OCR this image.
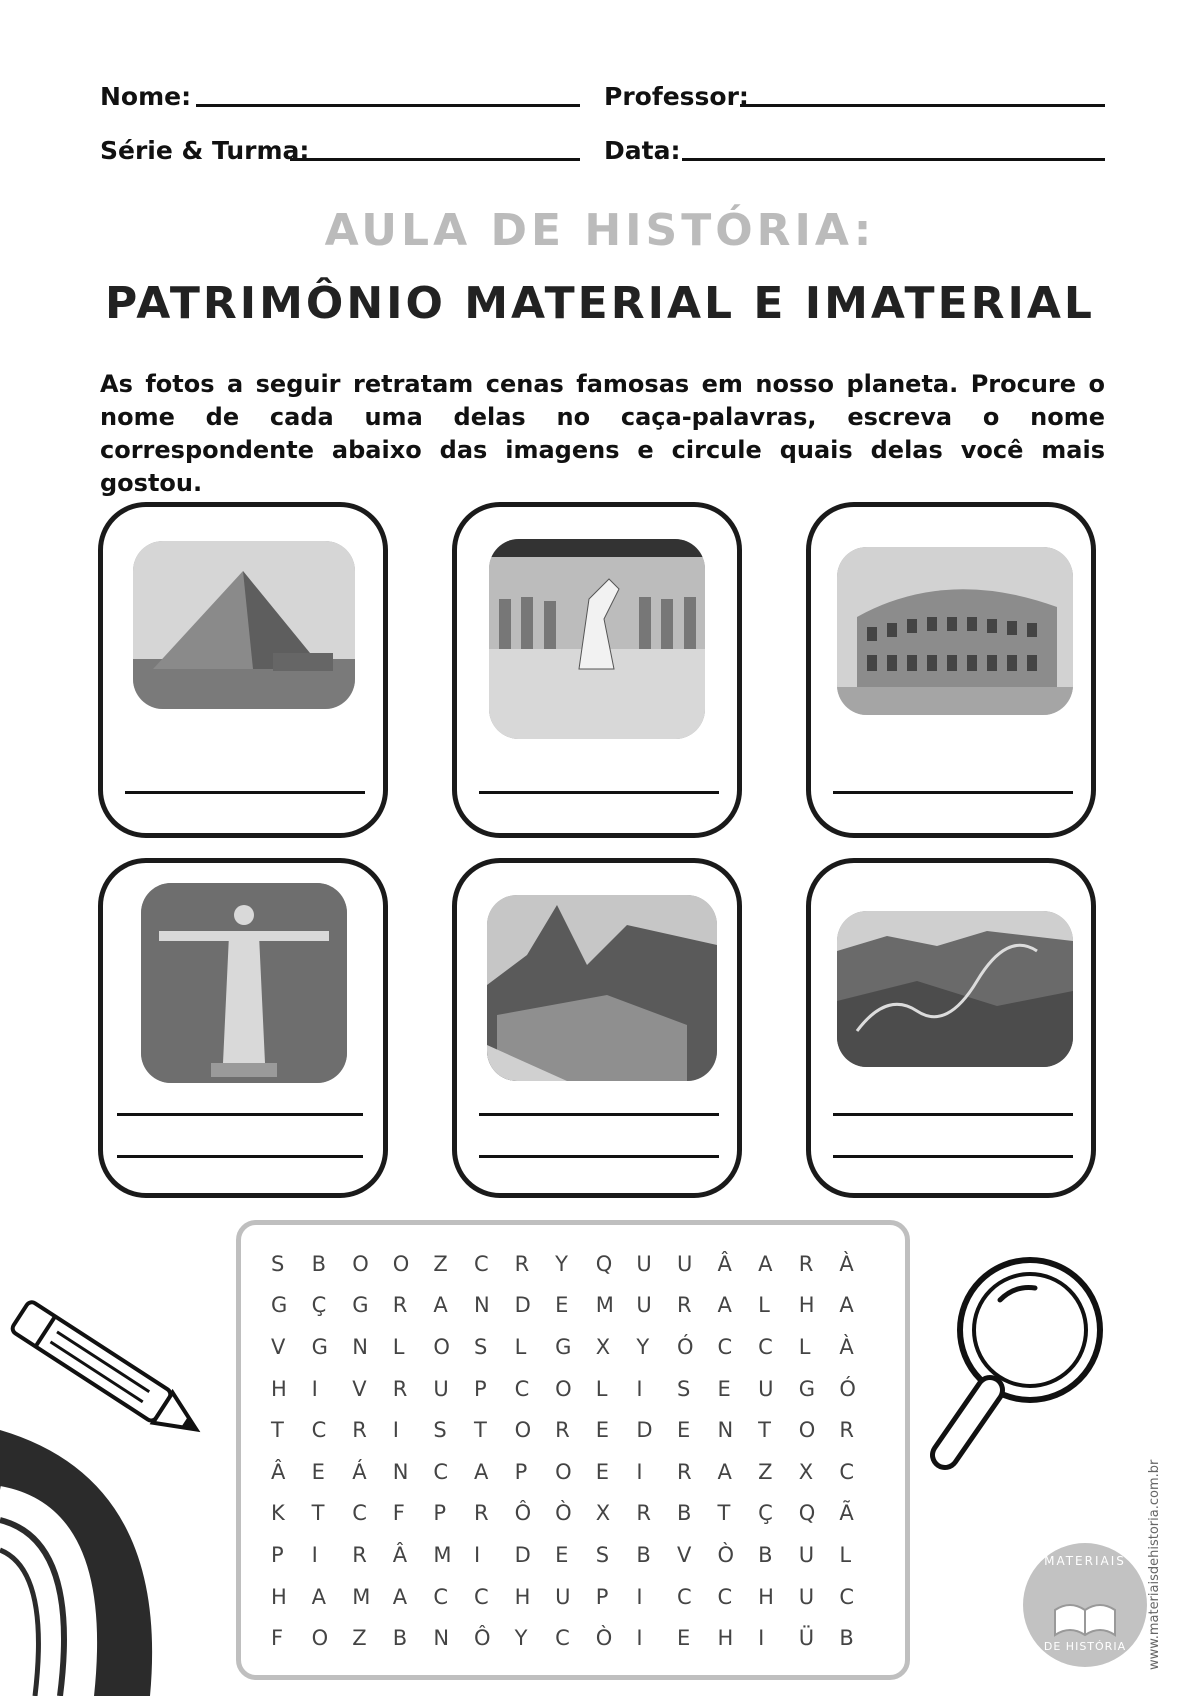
Nome:	Professor:
Série & Turma:	Data:
AULA DE HISTÓRIA:
PATRIMÔNIO MATERIAL E IMATERIAL
As fotos a seguir retratam cenas famosas em nosso planeta. Procure o nome de cada uma delas no caça-palavras, escreva o nome correspondente abaixo das imagens e circule quais delas você mais gostou.
S	B	O	O	Z	C	R	Y	Q	U	U	Â	A	R	À
G	Ç	G	R	A	N	D	E	M	U	R	A	L	H	A
V	G	N	L	O	S	L	G	X	Y	Ó	C	C	L	À
H	I	V	R	U	P	C	O	L	I	S	E	U	G	Ó
T	C	R	I	S	T	O	R	E	D	E	N	T	O	R
Â	E	Á	N	C	A	P	O	E	I	R	A	Z	X	C
K	T	C	F	P	R	Ô	Ò	X	R	B	T	Ç	Q	Ã
P	I	R	Â	M	I	D	E	S	B	V	Ò	B	U	L
H	A	M	A	C	C	H	U	P	I	C	C	H	U	C
F	O	Z	B	N	Ô	Y	C	Ò	I	E	H	I	Ü	B
MATERIAIS
DE HISTÓRIA	www.materiaisdehistoria.com.br
